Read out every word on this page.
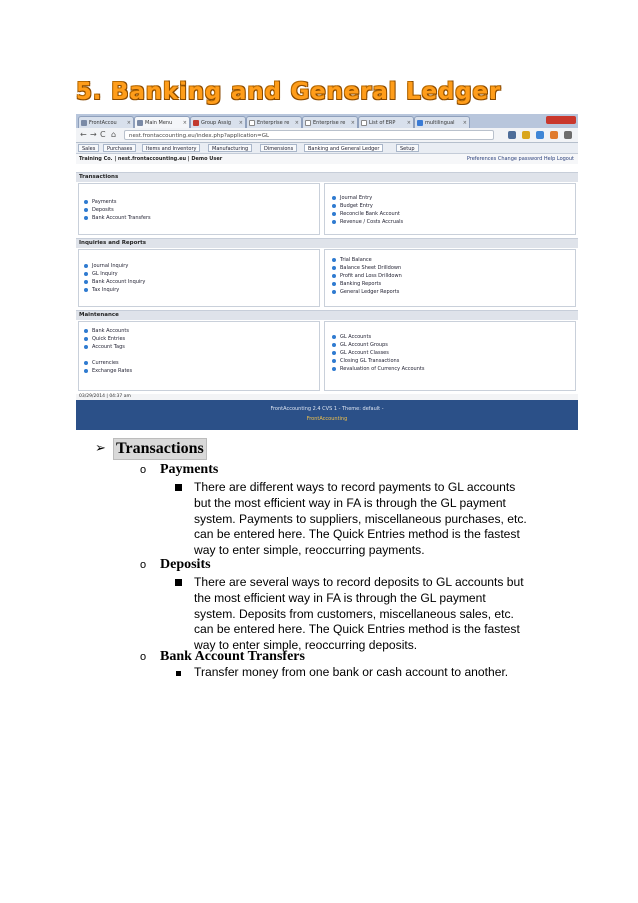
5. Banking and General Ledger
FrontAccou ×	Main Menu ×	Group Assig ×	Enterprise re ×	Enterprise re ×	List of ERP ×	multilingual ×
← → C ⌂	nest.frontaccounting.eu/index.php?application=GL
Sales	Purchases	Items and Inventory	Manufacturing	Dimensions	Banking and General Ledger	Setup
Training Co. | nest.frontaccounting.eu | Demo User	Preferences Change password Help Logout
Transactions
Payments
Deposits
Bank Account Transfers
Journal Entry
Budget Entry
Reconcile Bank Account
Revenue / Costs Accruals
Inquiries and Reports
Journal Inquiry
GL Inquiry
Bank Account Inquiry
Tax Inquiry
Trial Balance
Balance Sheet Drilldown
Profit and Loss Drilldown
Banking Reports
General Ledger Reports
Maintenance
Bank Accounts
Quick Entries
Account Tags
Currencies
Exchange Rates
GL Accounts
GL Account Groups
GL Account Classes
Closing GL Transactions
Revaluation of Currency Accounts
03/29/2014 | 04:37 am
FrontAccounting 2.4 CVS 1 - Theme: default -
FrontAccounting
➢ Transactions
o Payments
There are different ways to record payments to GL accounts
but the most efficient way in FA is through the GL payment
system. Payments to suppliers, miscellaneous purchases, etc.
can be entered here. The Quick Entries method is the fastest
way to enter simple, reoccurring payments.
o Deposits
There are several ways to record deposits to GL accounts but
the most efficient way in FA is through the GL payment
system. Deposits from customers, miscellaneous sales, etc.
can be entered here. The Quick Entries method is the fastest
way to enter simple, reoccurring deposits.
o Bank Account Transfers
Transfer money from one bank or cash account to another.
